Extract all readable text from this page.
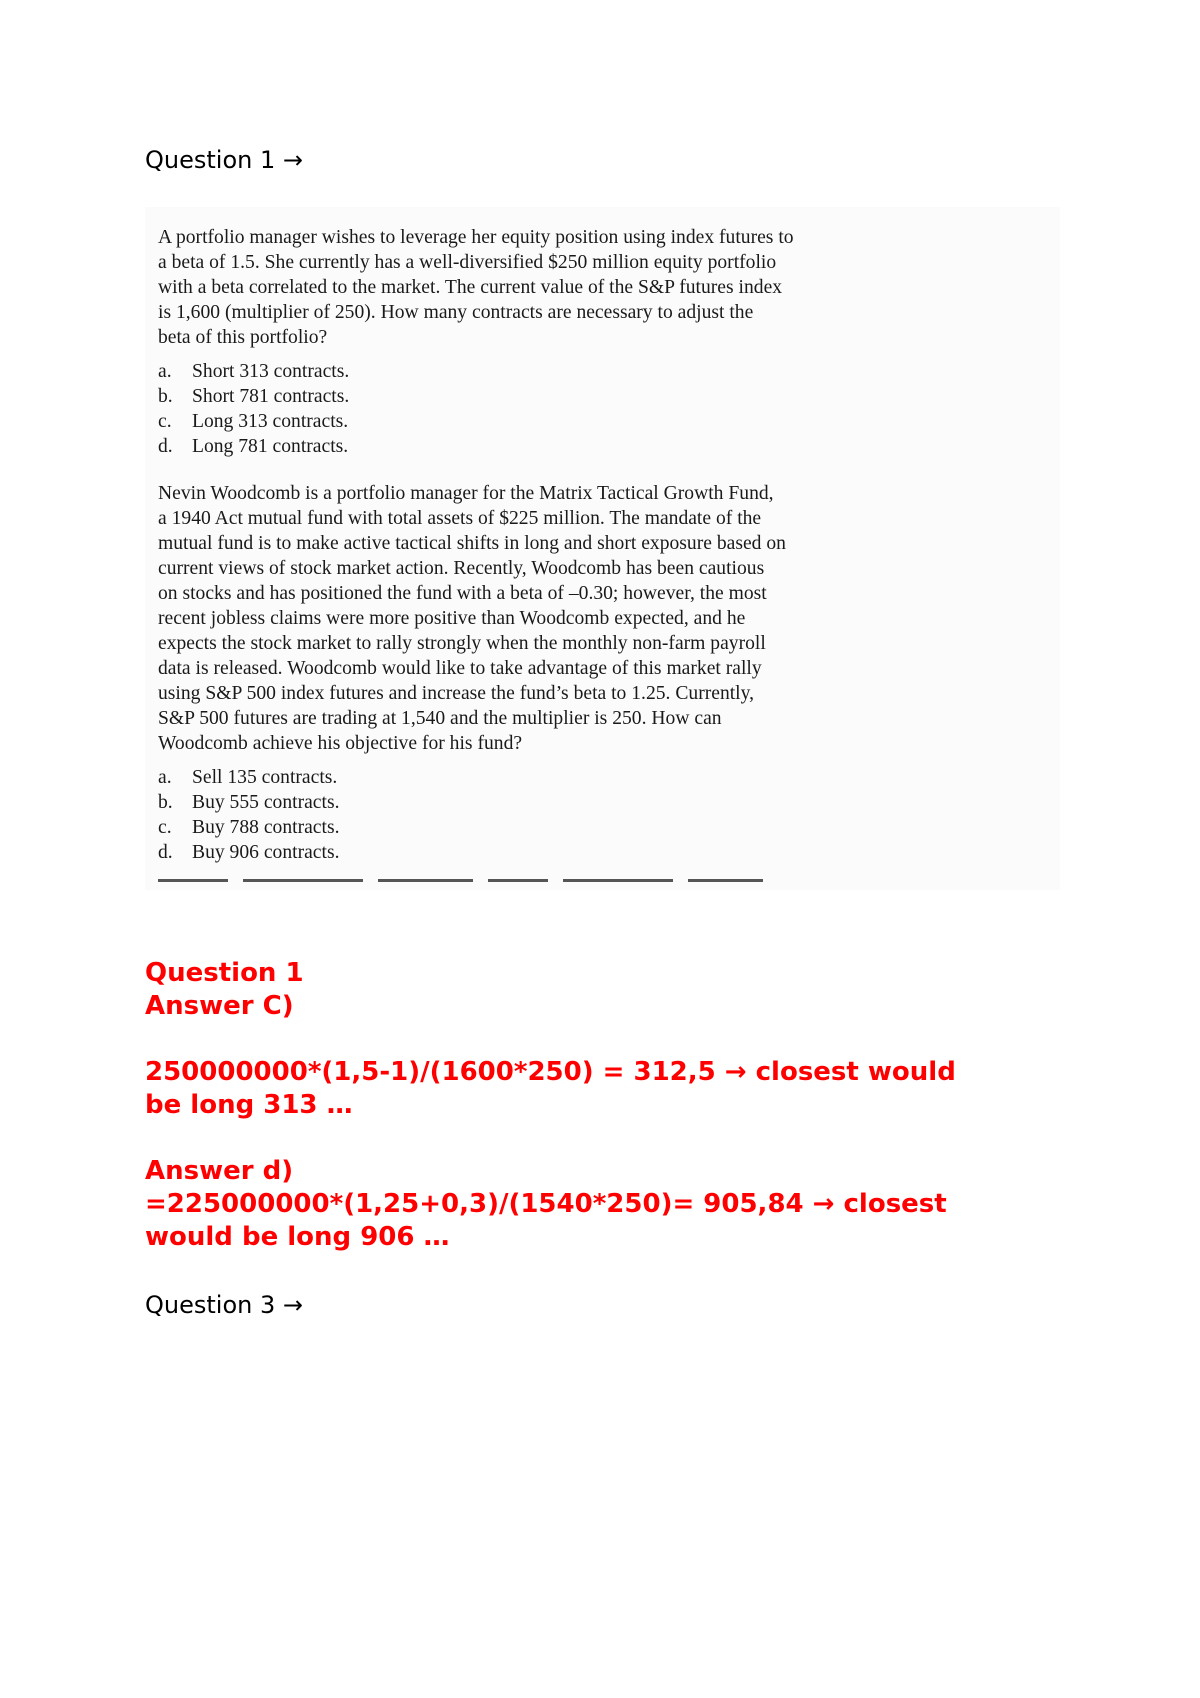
Question 1 →

A portfolio manager wishes to leverage her equity position using index futures to

a beta of 1.5. She currently has a well-diversified $250 million equity portfolio

with a beta correlated to the market. The current value of the S&P futures index

is 1,600 (multiplier of 250). How many contracts are necessary to adjust the

beta of this portfolio?

a. Short 313 contracts.
b. Short 781 contracts.
c. Long 313 contracts.
d. Long 781 contracts.

Nevin Woodcomb is a portfolio manager for the Matrix Tactical Growth Fund,

a 1940 Act mutual fund with total assets of $225 million. The mandate of the

mutual fund is to make active tactical shifts in long and short exposure based on

current views of stock market action. Recently, Woodcomb has been cautious

on stocks and has positioned the fund with a beta of –0.30; however, the most

recent jobless claims were more positive than Woodcomb expected, and he

expects the stock market to rally strongly when the monthly non-farm payroll

data is released. Woodcomb would like to take advantage of this market rally

using S&P 500 index futures and increase the fund’s beta to 1.25. Currently,

S&P 500 futures are trading at 1,540 and the multiplier is 250. How can

Woodcomb achieve his objective for his fund?

a. Sell 135 contracts.
b. Buy 555 contracts.
c. Buy 788 contracts.
d. Buy 906 contracts.
Question 1
Answer C)
250000000*(1,5-1)/(1600*250) = 312,5 → closest would
be long 313 …
Answer d)
=225000000*(1,25+0,3)/(1540*250)= 905,84 → closest
would be long 906 …
Question 3 →
